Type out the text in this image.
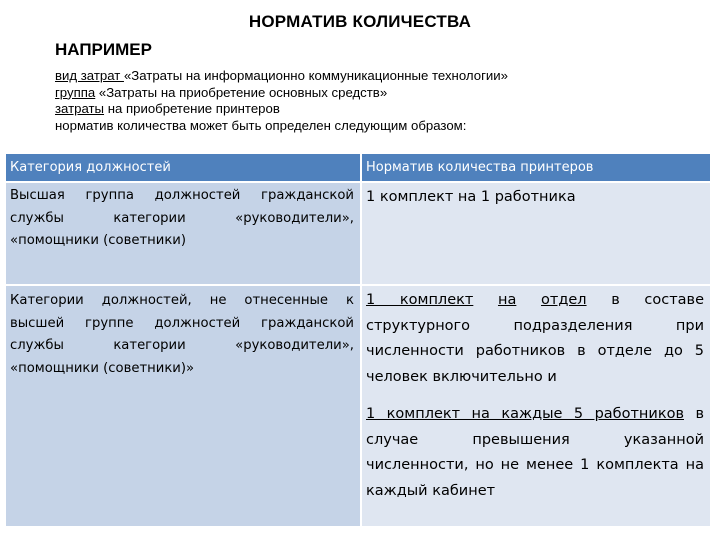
НОРМАТИВ КОЛИЧЕСТВА
НАПРИМЕР
вид затрат «Затраты на информационно коммуникационные технологии»
группа «Затраты на приобретение основных средств»
затраты на приобретение принтеров
норматив количества может быть определен следующим образом:
Категория должностей	Норматив количества принтеров
Высшая группа должностей гражданской службы категории «руководители», «помощники (советники)
1 комплект на 1 работника
Категории должностей, не отнесенные к высшей группе должностей гражданской службы категории «руководители», «помощники (советники)»
1 комплект на отдел в составе структурного подразделения при численности работников в отделе до 5 человек включительно и
1 комплект на каждые 5 работников в случае превышения указанной численности, но не менее 1 комплекта на каждый кабинет
